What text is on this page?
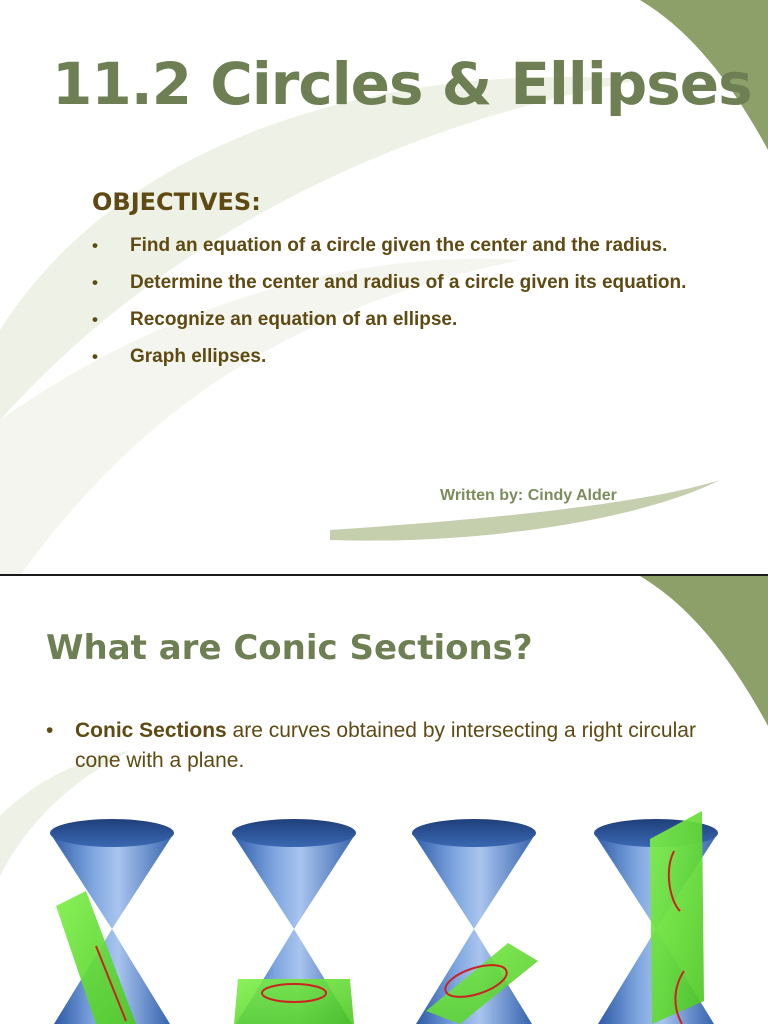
11.2 Circles & Ellipses
OBJECTIVES:
• Find an equation of a circle given the center and the radius.
• Determine the center and radius of a circle given its equation.
• Recognize an equation of an ellipse.
• Graph ellipses.
Written by: Cindy Alder
What are Conic Sections?
•	Conic Sections are curves obtained by intersecting a right circular cone with a plane.
